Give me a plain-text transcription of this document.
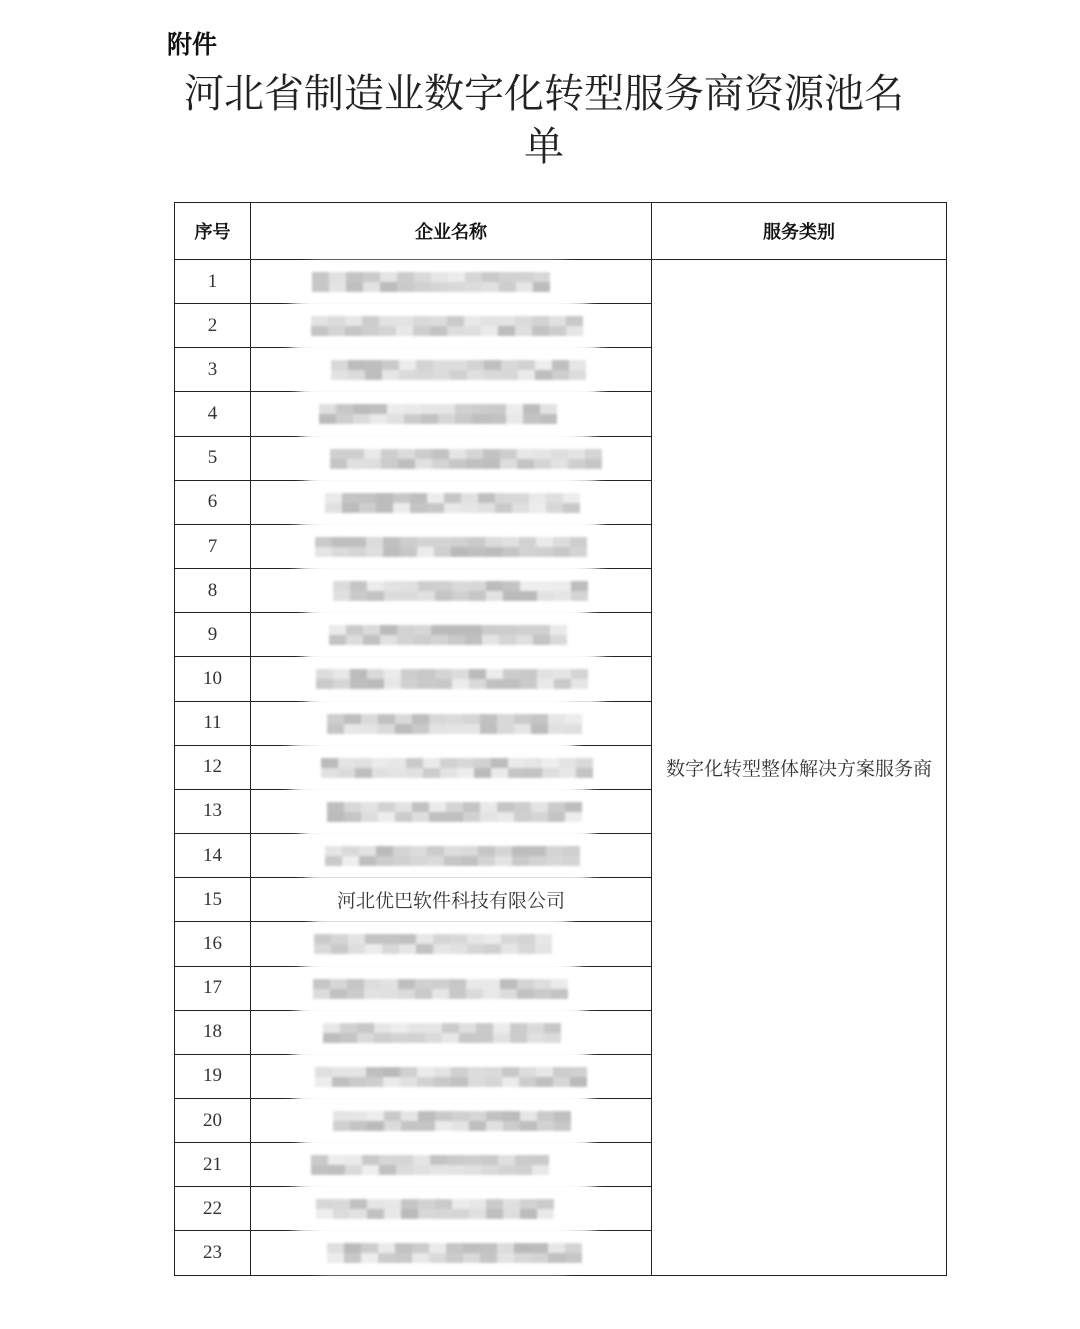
附件
河北省制造业数字化转型服务商资源池名单
序号	企业名称	服务类别
1		数字化转型整体解决方案服务商
2		

3		

4		

5		

6		

7		

8		

9		

10		

11		

12		

13		

14		

15	河北优巴软件科技有限公司	
16		

17		

18		

19		

20		

21		

22		

23		
